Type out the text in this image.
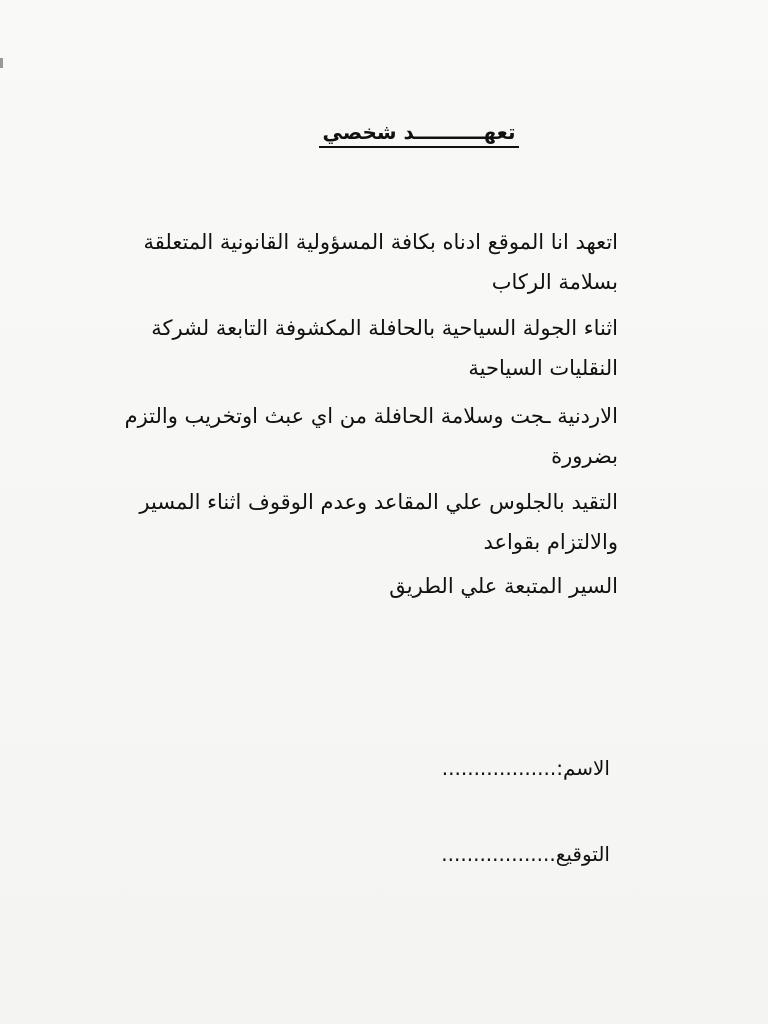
تعهــــــــــد شخصي
اتعهد انا الموقع ادناه بكافة المسؤولية القانونية المتعلقة بسلامة الركاب
اثناء الجولة السياحية بالحافلة المكشوفة التابعة لشركة النقليات السياحية
الاردنية ـجت وسلامة الحافلة من اي عبث اوتخريب والتزم بضرورة
التقيد بالجلوس علي المقاعد وعدم الوقوف اثناء المسير والالتزام بقواعد
السير المتبعة علي الطريق
الاسم:..................
التوقيع..................
